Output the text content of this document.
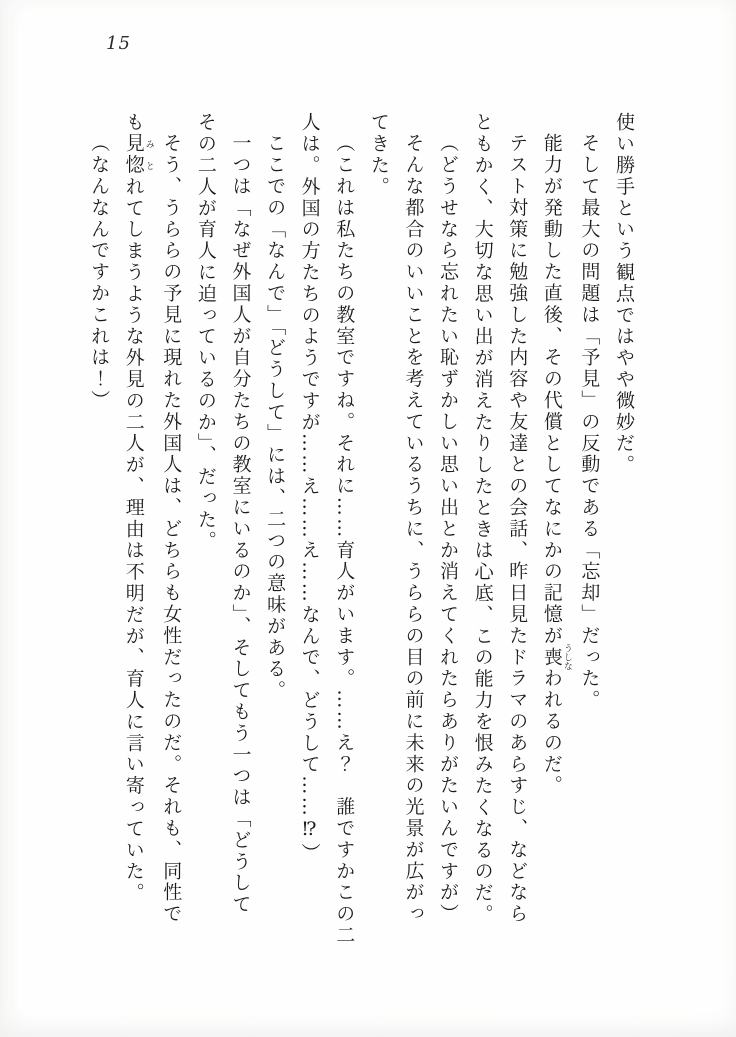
15

使い勝手という観点ではやや微妙だ。

そして最大の問題は「予見」の反動である「忘却」だった。

能力が発動した直後、その代償としてなにかの記憶が喪 うしなわれるのだ。

テスト対策に勉強した内容や友達との会話、昨日見たドラマのあらすじ、などなら

ともかく、大切な思い出が消えたりしたときは心底、この能力を恨みたくなるのだ。

（どうせなら忘れたい恥ずかしい思い出とか消えてくれたらありがたいんですが）

そんな都合のいいことを考えているうちに、うららの目の前に未来の光景が広がっ

てきた。

（これは私たちの教室ですね。それに……育人がいます。……え？　誰ですかこの二

人は。外国の方たちのようですが……え……え……なんで、どうして……⁉）

ここでの「なんで」「どうして」には、二つの意味がある。

一つは「なぜ外国人が自分たちの教室にいるのか」、そしてもう一つは「どうして

その二人が育人に迫っているのか」、だった。

そう、うららの予見に現れた外国人は、どちらも女性だったのだ。それも、同性で

も見惚 みとれてしまうような外見の二人が、理由は不明だが、育人に言い寄っていた。

（なんなんですかこれは！）
